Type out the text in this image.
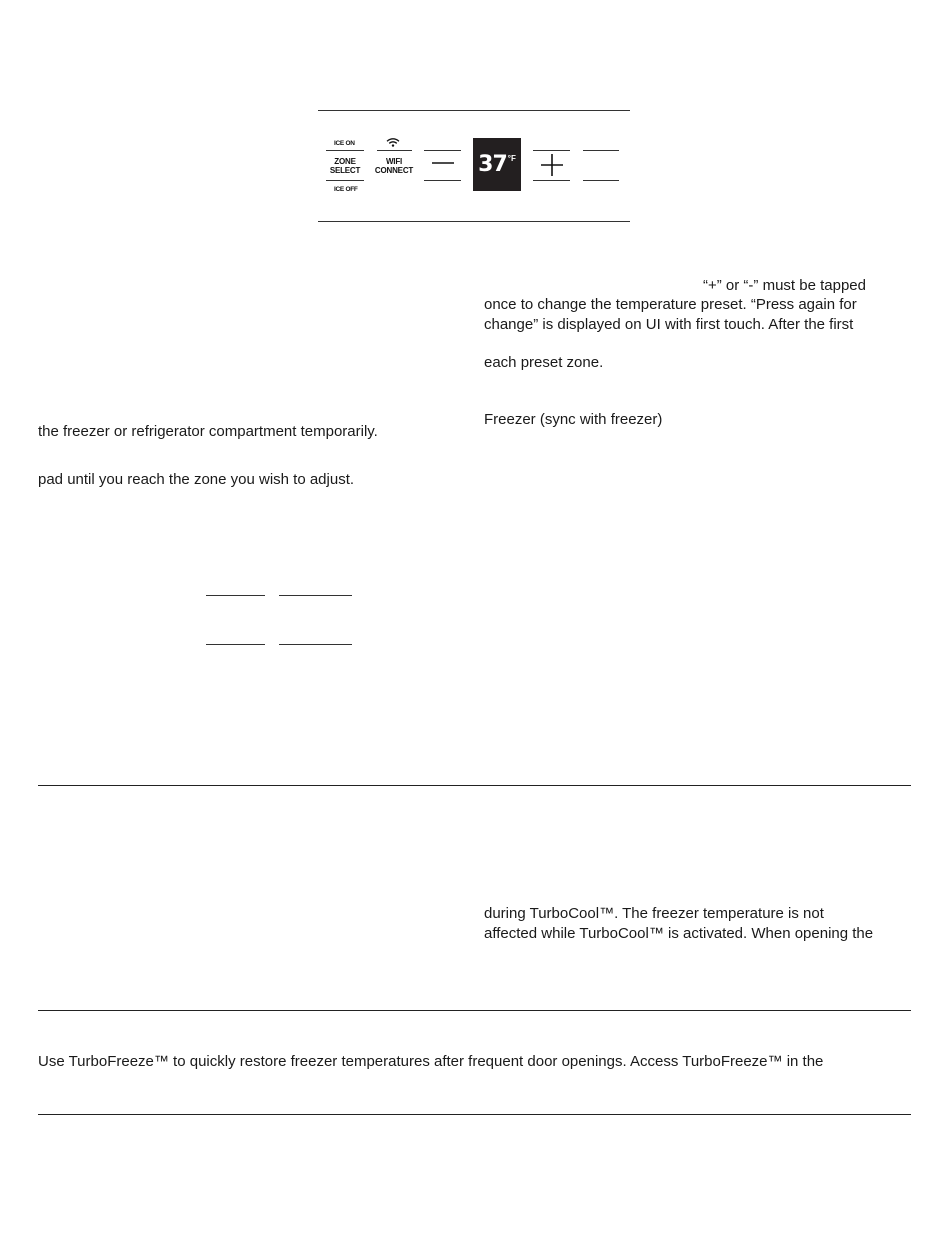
ICE ON
ZONE
SELECT
ICE OFF
WIFI
CONNECT	37 °F
“+” or “-” must be tapped
once to change the temperature preset. “Press again for
change” is displayed on UI with first touch. After the first
each preset zone.
Freezer (sync with freezer)
the freezer or refrigerator compartment temporarily.
pad until you reach the zone you wish to adjust.
during TurboCool™. The freezer temperature is not
affected while TurboCool™ is activated. When opening the
Use TurboFreeze™ to quickly restore freezer temperatures after frequent door openings. Access TurboFreeze™ in the
